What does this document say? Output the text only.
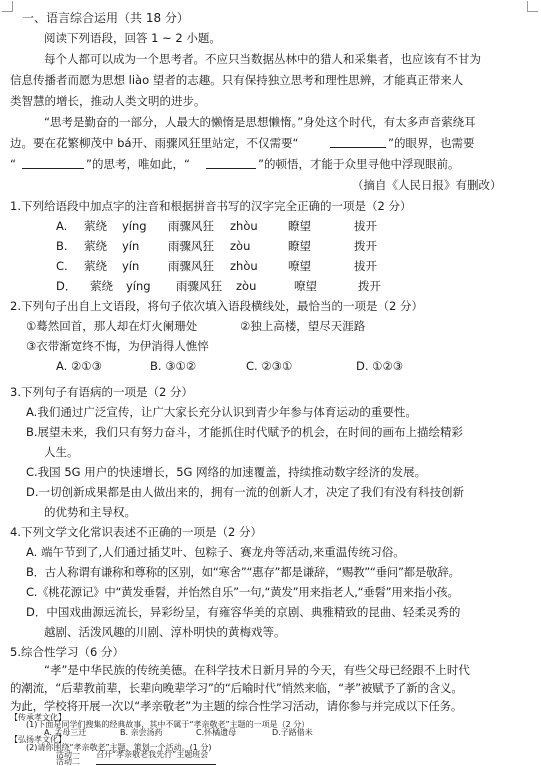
一、语言综合运用（共 18 分）
阅读下列语段，回答 1 ~ 2 小题。
每个人都可以成为一个思考者。不应只当数据丛林中的猎人和采集者，也应该有不甘为
信息传播者而愿为思想 liào 望者的志趣。只有保持独立思考和理性思辨，才能真正带来人
类智慧的增长，推动人类文明的进步。
“思考是勤奋的一部分，人最大的懒惰是思想懒惰。”身处这个时代，有太多声音萦绕耳
边。要在花繁柳茂中 bá开、雨骤风狂里站定，不仅需要“	”的眼界，也需要
“	”的思考，唯如此，“	”的顿悟，才能于众里寻他中浮现眼前。
（摘自《人民日报》有删改）
1.下列给语段中加点字的注音和根据拼音书写的汉字完全正确的一项是（2 分）
A. 萦绕 yíng 雨骤风狂 zhòu	瞭望	拔开
B. 萦绕 yín 雨骤风狂 zòu	瞭望	拨开
C. 萦绕 yín 雨骤风狂 zhòu	嘹望	拔开
D． 萦绕 yíng 雨骤风狂 zòu	嘹望	拨开
2.下列句子出自上文语段，将句子依次填入语段横线处，最恰当的一项是（2 分）
①蓦然回首，那人却在灯火阑珊处	②独上高楼，望尽天涯路
③衣带渐宽终不悔，为伊消得人憔悴
A. ②①③	B. ③①②	C. ②③①	D. ①②③
3.下列句子有语病的一项是（2 分）
A.我们通过广泛宣传，让广大家长充分认识到青少年参与体育运动的重要性。
B.展望未来，我们只有努力奋斗，才能抓住时代赋予的机会，在时间的画布上描绘精彩
人生。
C.我国 5G 用户的快速增长，5G 网络的加速覆盖，持续推动数字经济的发展。
D.一切创新成果都是由人做出来的，拥有一流的创新人才，决定了我们有没有科技创新
的优势和主导权。
4.下列文学文化常识表述不正确的一项是（2 分）
A. 端午节到了,人们通过插艾叶、包粽子、赛龙舟等活动,来重温传统习俗。
B．古人称谓有谦称和尊称的区别，如“寒舍”“惠存”都是谦辞，“赐教”“垂问”都是敬辞。
C.《桃花源记》中“黄发垂髫，并怡然自乐”一句,“黄发”用来指老人,“垂髫”用来指小孩。
D．中国戏曲源远流长，异彩纷呈，有雍容华美的京剧、典雅精致的昆曲、轻柔灵秀的
越剧、活泼风趣的川剧、淳朴明快的黄梅戏等。
5.综合性学习（6 分）
“孝”是中华民族的传统美德。在科学技术日新月异的今天，有些父母已经跟不上时代
的潮流，“后辈教前辈，长辈向晚辈学习”的“后喻时代”悄然来临，“孝”被赋予了新的含义。
为此，学校将开展一次以“孝亲敬老”为主题的综合性学习活动，请你参与并完成以下任务。
【传承孝文化】
(1)下面是同学们搜集的经典故事，其中不属于“孝亲敬老”主题的一项是（2 分）
A. 孟母三迁	B. 亲尝汤药	C.怀橘遗母	D.子路借米
【弘扬孝文化】
(2)请你围绕“孝亲敬老”主题，策划一个活动。(1 分)
活动一 召开“孝亲敬老我先行”主题班会
活动二
